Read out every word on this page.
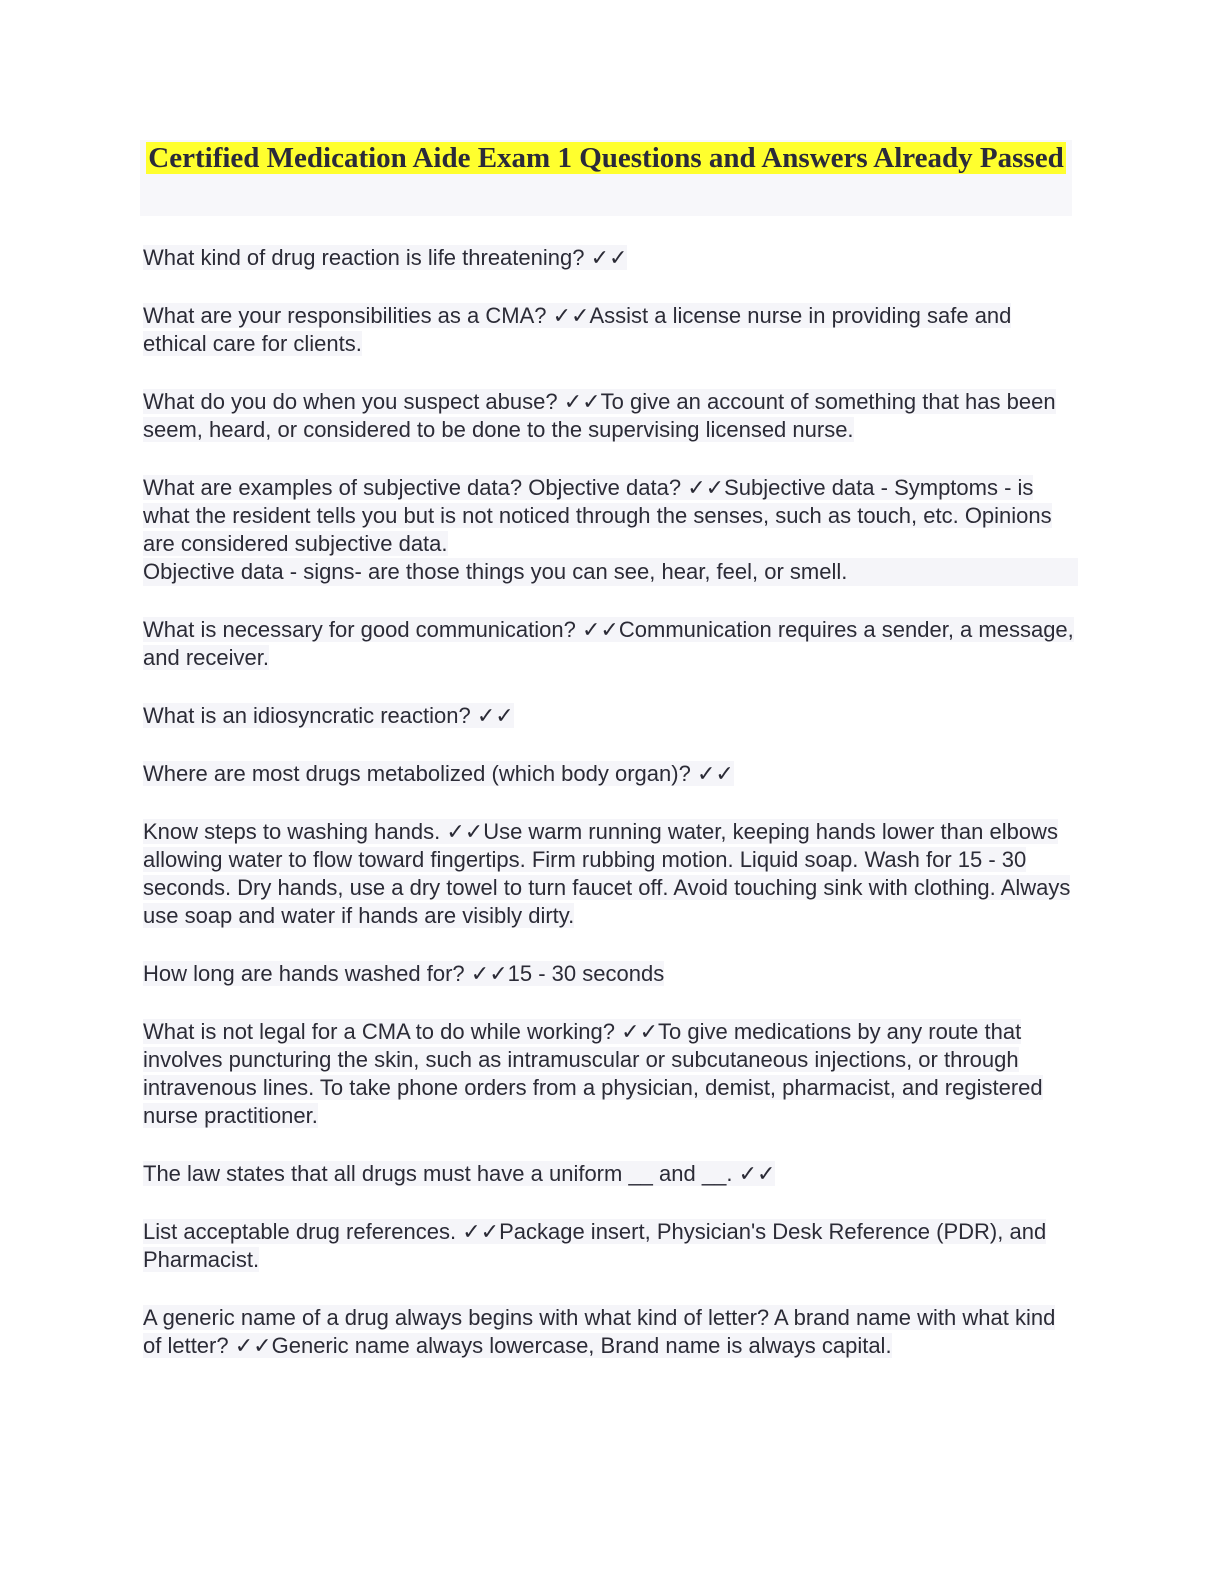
Certified Medication Aide Exam 1 Questions and Answers Already Passed

What kind of drug reaction is life threatening? ✓✓

What are your responsibilities as a CMA? ✓✓Assist a license nurse in providing safe and ethical care for clients.

What do you do when you suspect abuse? ✓✓To give an account of something that has been seem, heard, or considered to be done to the supervising licensed nurse.

What are examples of subjective data? Objective data? ✓✓Subjective data - Symptoms - is what the resident tells you but is not noticed through the senses, such as touch, etc. Opinions are considered subjective data.
Objective data - signs- are those things you can see, hear, feel, or smell.

What is necessary for good communication? ✓✓Communication requires a sender, a message, and receiver.

What is an idiosyncratic reaction? ✓✓

Where are most drugs metabolized (which body organ)? ✓✓

Know steps to washing hands. ✓✓Use warm running water, keeping hands lower than elbows allowing water to flow toward fingertips. Firm rubbing motion. Liquid soap. Wash for 15 - 30 seconds. Dry hands, use a dry towel to turn faucet off. Avoid touching sink with clothing. Always use soap and water if hands are visibly dirty.

How long are hands washed for? ✓✓15 - 30 seconds

What is not legal for a CMA to do while working? ✓✓To give medications by any route that involves puncturing the skin, such as intramuscular or subcutaneous injections, or through intravenous lines. To take phone orders from a physician, demist, pharmacist, and registered nurse practitioner.

The law states that all drugs must have a uniform __ and __. ✓✓

List acceptable drug references. ✓✓Package insert, Physician's Desk Reference (PDR), and Pharmacist.

A generic name of a drug always begins with what kind of letter? A brand name with what kind of letter? ✓✓Generic name always lowercase, Brand name is always capital.
